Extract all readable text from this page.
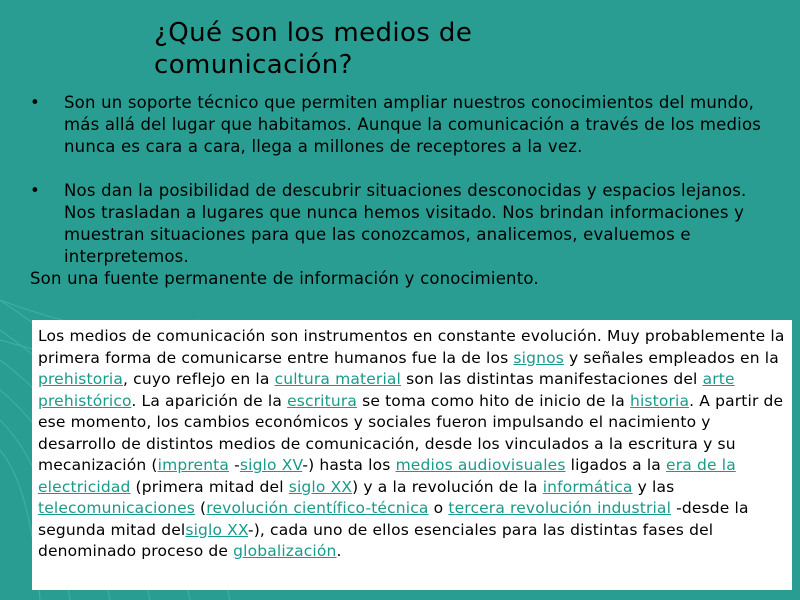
¿Qué son los medios de comunicación?
•	Son un soporte técnico que permiten ampliar nuestros conocimientos del mundo, más allá del lugar que habitamos. Aunque la comunicación a través de los medios nunca es cara a cara, llega a millones de receptores a la vez.
•	Nos dan la posibilidad de descubrir situaciones desconocidas y espacios lejanos. Nos trasladan a lugares que nunca hemos visitado. Nos brindan informaciones y muestran situaciones para que las conozcamos, analicemos, evaluemos e interpretemos.
Son una fuente permanente de información y conocimiento.
Los medios de comunicación son instrumentos en constante evolución. Muy probablemente la primera forma de comunicarse entre humanos fue la de los signos y señales empleados en la prehistoria, cuyo reflejo en la cultura material son las distintas manifestaciones del arte prehistórico. La aparición de la escritura se toma como hito de inicio de la historia. A partir de ese momento, los cambios económicos y sociales fueron impulsando el nacimiento y desarrollo de distintos medios de comunicación, desde los vinculados a la escritura y su mecanización (imprenta -siglo XV-) hasta los medios audiovisuales ligados a la era de la electricidad (primera mitad del siglo XX) y a la revolución de la informática y las telecomunicaciones (revolución científico-técnica o tercera revolución industrial -desde la segunda mitad delsiglo XX-), cada uno de ellos esenciales para las distintas fases del denominado proceso de globalización.
